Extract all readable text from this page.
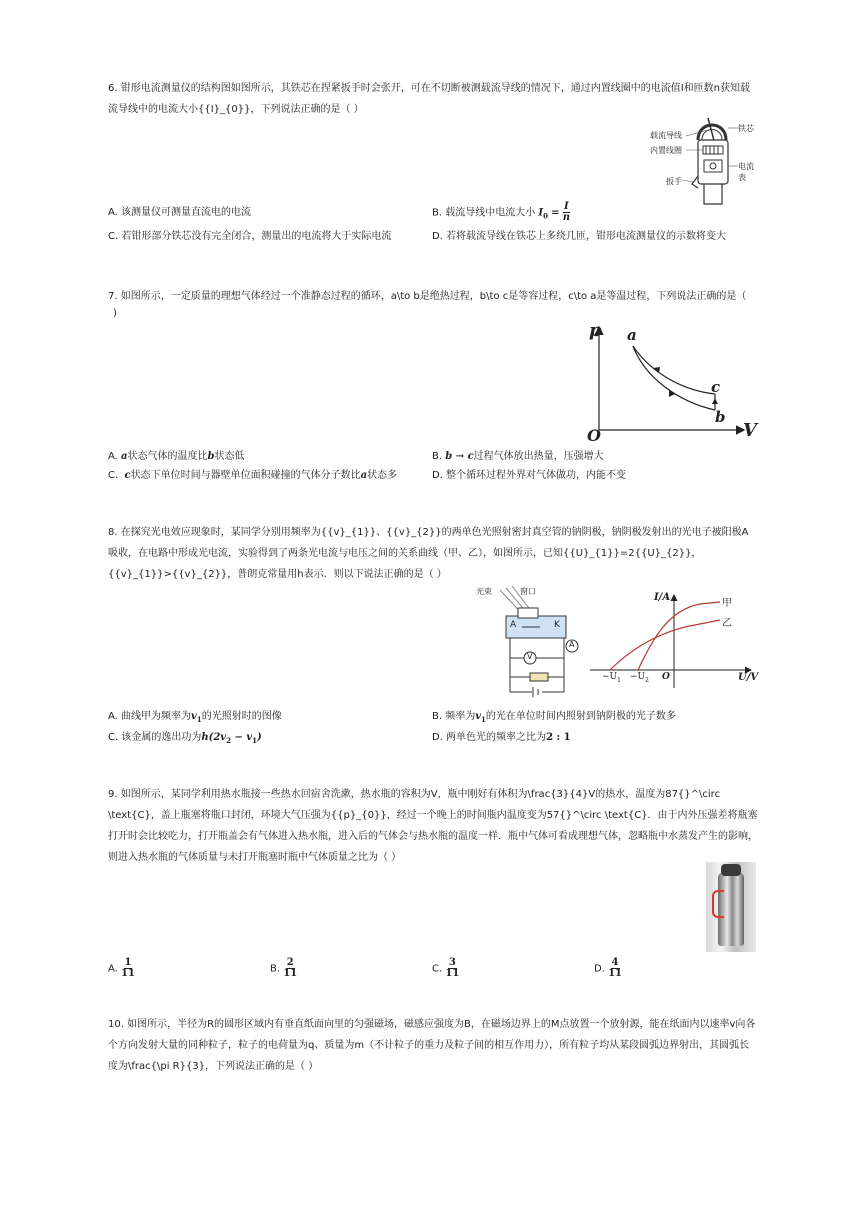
6. 钳形电流测量仪的结构图如图所示，其铁芯在捏紧扳手时会张开，可在不切断被测载流导线的情况下，通过内置线圈中的电流值I和匝数n获知载流导线中的电流大小{{I}_{0}}，下列说法正确的是（ ）
载流导线
内置线圈
铁芯
电流表
扳手
A. 该测量仪可测量直流电的电流	B. 载流导线中电流大小 $I_0 = \frac{I}{n}$
C. 若钳形部分铁芯没有完全闭合，测量出的电流将大于实际电流	D. 若将载流导线在铁芯上多绕几匝，钳形电流测量仪的示数将变大
7. 如图所示，一定质量的理想气体经过一个准静态过程的循环，a\to b是绝热过程，b\to c是等容过程，c\to a是等温过程，下列说法正确的是（
)
p
V
O
a
c
b
A. a状态气体的温度比b状态低	B. b → c过程气体放出热量，压强增大
C. c状态下单位时间与器壁单位面积碰撞的气体分子数比a状态多	D. 整个循环过程外界对气体做功，内能不变
8. 在探究光电效应现象时，某同学分别用频率为{{v}_{1}}、{{v}_{2}}的两单色光照射密封真空管的钠阴极，钠阴极发射出的光电子被阳极A吸收，在电路中形成光电流，实验得到了两条光电流与电压之间的关系曲线（甲、乙），如图所示，已知{{U}_{1}}=2{{U}_{2}}，{{v}_{1}}>{{v}_{2}}，普朗克常量用h表示．则以下说法正确的是（ ）
光束	窗口
A	K
V
A
I/A
U/V
甲
乙
$-U_1 -U_2$ O
A. 曲线甲为频率为$v_1$的光照射时的图像	B. 频率为$v_1$的光在单位时间内照射到钠阴极的光子数多
C. 该金属的逸出功为$h(2v_2 - v_1)$	D. 两单色光的频率之比为2 : 1
9. 如图所示，某同学利用热水瓶接一些热水回宿舍洗漱，热水瓶的容积为V，瓶中刚好有体积为\frac{3}{4}V的热水，温度为87{}^\circ \text{C}，盖上瓶塞将瓶口封闭，环境大气压强为{{p}_{0}}，经过一个晚上的时间瓶内温度变为57{}^\circ \text{C}．由于内外压强差将瓶塞打开时会比较吃力，打开瓶盖会有气体进入热水瓶，进入后的气体会与热水瓶的温度一样．瓶中气体可看成理想气体，忽略瓶中水蒸发产生的影响，则进入热水瓶的气体质量与未打开瓶塞时瓶中气体质量之比为（ ）
A. $\frac{1}{11}$	B. $\frac{2}{11}$	C. $\frac{3}{11}$	D. $\frac{4}{11}$
10. 如图所示，半径为R的圆形区域内有垂直纸面向里的匀强磁场，磁感应强度为B，在磁场边界上的M点放置一个放射源，能在纸面内以速率v向各个方向发射大量的同种粒子，粒子的电荷量为q、质量为m（不计粒子的重力及粒子间的相互作用力），所有粒子均从某段圆弧边界射出，其圆弧长度为\frac{\pi R}{3}，下列说法正确的是（ ）
